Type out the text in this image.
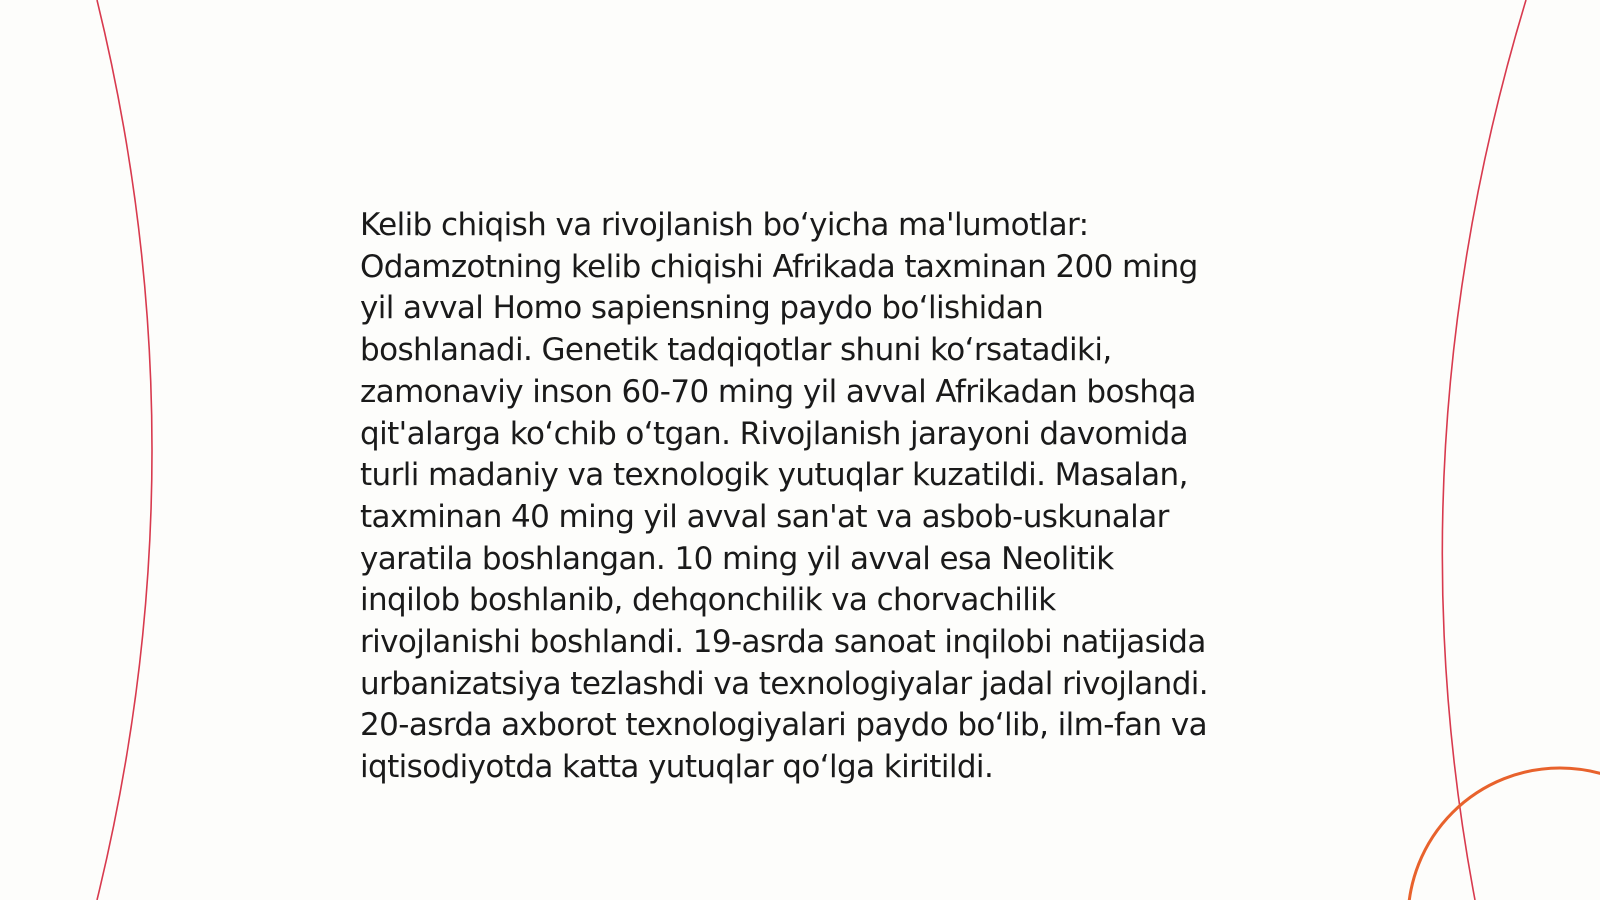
Kelib chiqish va rivojlanish bo‘yicha ma'lumotlar: Odamzotning kelib chiqishi Afrikada taxminan 200 ming yil avval Homo sapiensning paydo bo‘lishidan boshlanadi. Genetik tadqiqotlar shuni ko‘rsatadiki, zamonaviy inson 60-70 ming yil avval Afrikadan boshqa qit'alarga ko‘chib o‘tgan. Rivojlanish jarayoni davomida turli madaniy va texnologik yutuqlar kuzatildi. Masalan, taxminan 40 ming yil avval san'at va asbob-uskunalar yaratila boshlangan. 10 ming yil avval esa Neolitik inqilob boshlanib, dehqonchilik va chorvachilik rivojlanishi boshlandi. 19-asrda sanoat inqilobi natijasida urbanizatsiya tezlashdi va texnologiyalar jadal rivojlandi. 20-asrda axborot texnologiyalari paydo bo‘lib, ilm-fan va iqtisodiyotda katta yutuqlar qo‘lga kiritildi.
